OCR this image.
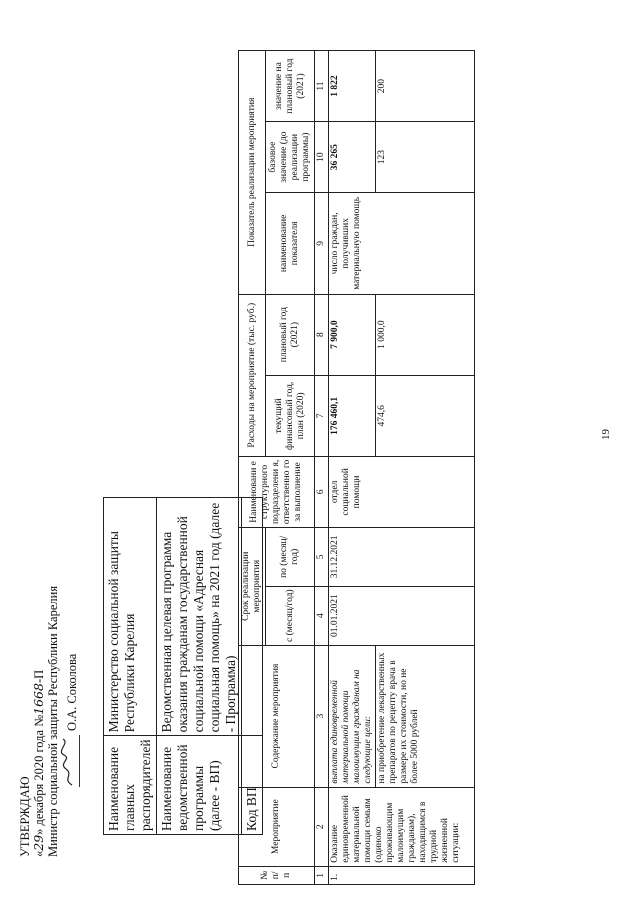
УТВЕРЖДАЮ «29» декабря 2020 года №1668-П Министр социальной защиты Республики Карелия О.А. Соколова
Наименование главных распорядителей	Министерство социальной защиты Республики Карелия
Наименование ведомственной программы (далее - ВП)	Ведомственная целевая программа оказания гражданам государственной социальной помощи «Адресная социальная помощь» на 2021 год (далее - Программа)
Код ВП	
№ п/ п	Мероприятие	Содержание мероприятия	Срок реализации мероприятия		Наименовани е структурного подразделени я, ответственно го за выполнение	Расходы на мероприятие (тыс. руб.)		Показатель реализации мероприятия		
			с (месяц/год)	по (месяц/год)		текущий финансовый год, план (2020)	плановый год (2021)	наименование показателя	базовое значение (до реализации программы)	значение на плановый год (2021)
1	2	3	4	5	6	7	8	9	10	11
1.	Оказание единовременной материальной помощи семьям (одиноко проживающим малоимущим гражданам), находящимся в трудной жизненной ситуации:	выплата единовременной материальной помощи малоимущим гражданам на следующие цели:	01.01.2021	31.12.2021	отдел социальной помощи	176 460,1	7 900,0	число граждан, получивших материальную помощь	36 265	1 822
		на приобретение лекарственных препаратов по рецепту врача в размере их стоимости, но не более 5000 рублей				474,6	1 000,0		123	200
19
